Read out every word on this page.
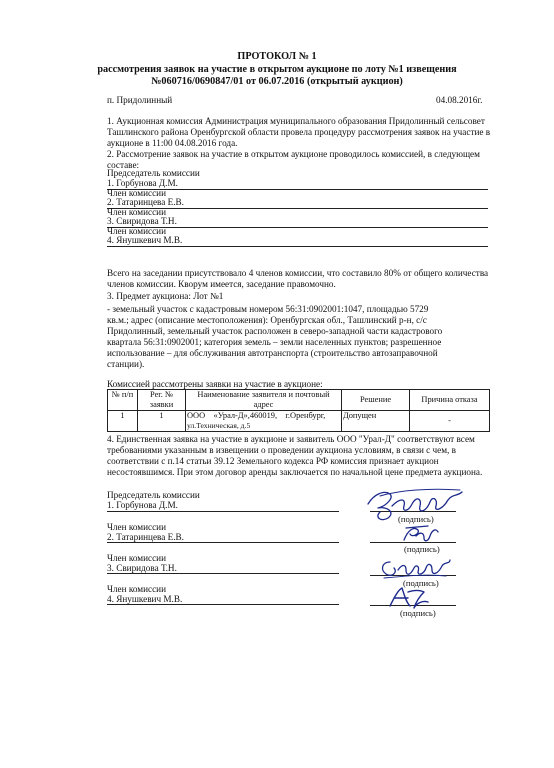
ПРОТОКОЛ № 1
рассмотрения заявок на участие в открытом аукционе по лоту №1 извещения
№060716/0690847/01 от 06.07.2016 (открытый аукцион)
п. Придолинный	04.08.2016г.
1. Аукционная комиссия Администрация муниципального образования Придолинный сельсовет
Ташлинского района Оренбургской области провела процедуру рассмотрения заявок на участие в
аукционе в 11:00 04.08.2016 года.
2. Рассмотрение заявок на участие в открытом аукционе проводилось комиссией, в следующем
составе:
Председатель комиссии
1. Горбунова Д.М.
Член комиссии
2. Татаринцева Е.В.
Член комиссии
3. Свиридова Т.Н.
Член комиссии
4. Янушкевич М.В.
Всего на заседании присутствовало 4 членов комиссии, что составило 80% от общего количества
членов комиссии. Кворум имеется, заседание правомочно.
3. Предмет аукциона: Лот №1
- земельный участок с кадастровым номером 56:31:0902001:1047, площадью 5729
кв.м.; адрес (описание местоположения): Оренбургская обл., Ташлинский р-н, с/с
Придолинный, земельный участок расположен в северо-западной части кадастрового
квартала 56:31:0902001; категория земель – земли населенных пунктов; разрешенное
использование – для обслуживания автотранспорта (строительство автозаправочной
станции).
Комиссией рассмотрены заявки на участие в аукционе:
№ п/п	Рег. № заявки	Наименование заявителя и почтовый адрес	Решение	Причина отказа
1	1	ООО    «Урал-Д»,460019,    г.Оренбург,
ул.Техническая, д.5	Допущен	-
4. Единственная заявка на участие в аукционе и заявитель ООО "Урал-Д" соответствуют всем
требованиями указанным в извещении о проведении аукциона условиям, в связи с чем, в
соответствии с п.14 статьи 39.12 Земельного кодекса РФ комиссия признает аукцион
несостоявшимся. При этом договор аренды заключается по начальной цене предмета аукциона.
Председатель комиссии
1. Горбунова Д.М.
(подпись)
Член комиссии
2. Татаринцева Е.В.
(подпись)
Член комиссии
3. Свиридова Т.Н.
(подпись)
Член комиссии
4. Янушкевич М.В.
(подпись)
